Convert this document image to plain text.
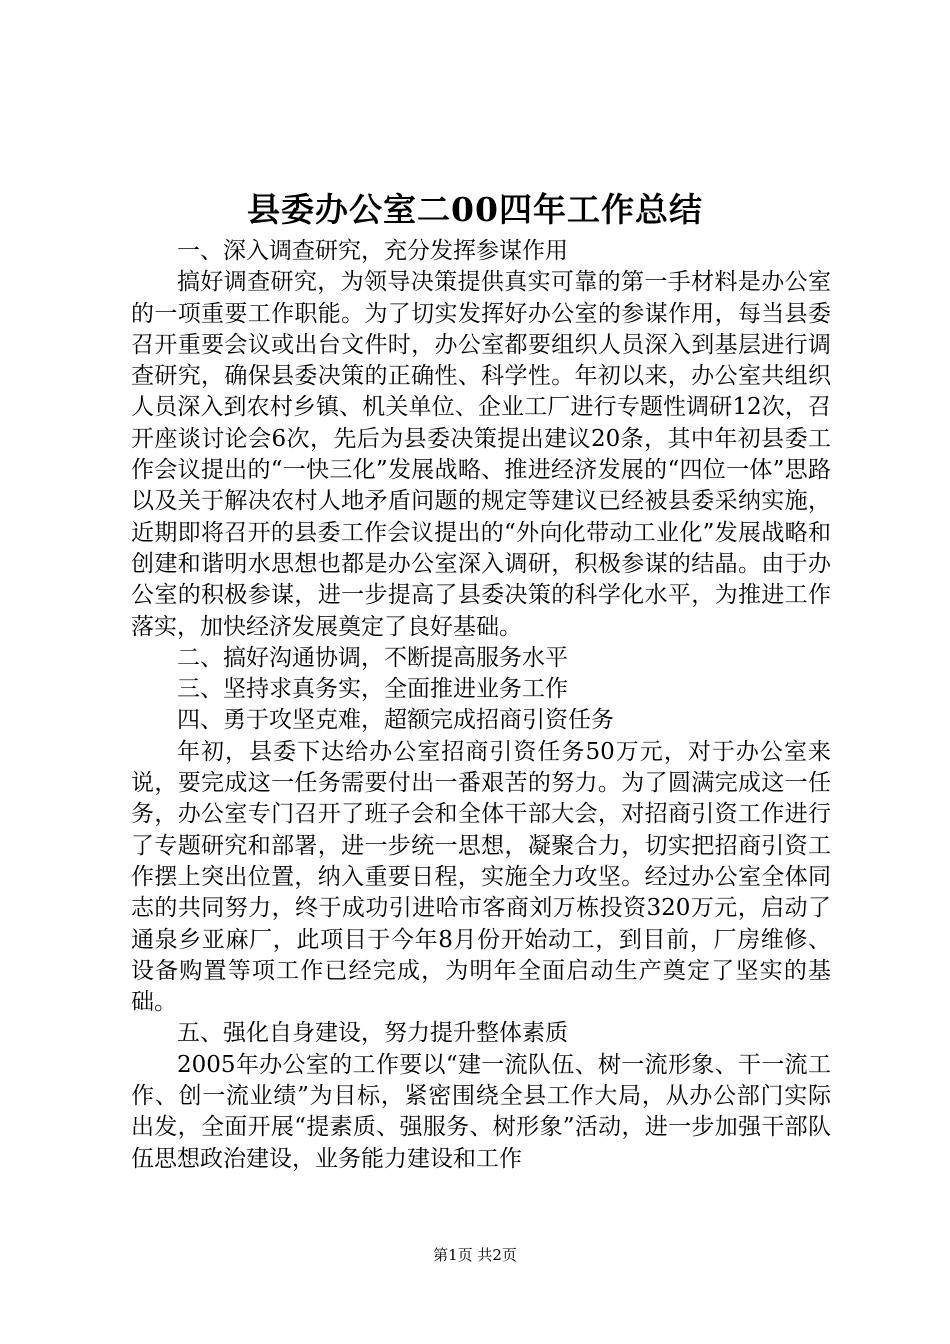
县委办公室二00四年工作总结

一、深入调查研究，充分发挥参谋作用

搞好调查研究，为领导决策提供真实可靠的第一手材料是办公室的一项重要工作职能。为了切实发挥好办公室的参谋作用，每当县委召开重要会议或出台文件时，办公室都要组织人员深入到基层进行调查研究，确保县委决策的正确性、科学性。年初以来，办公室共组织人员深入到农村乡镇、机关单位、企业工厂进行专题性调研12次，召开座谈讨论会6次，先后为县委决策提出建议20条，其中年初县委工作会议提出的“一快三化”发展战略、推进经济发展的“四位一体”思路以及关于解决农村人地矛盾问题的规定等建议已经被县委采纳实施，近期即将召开的县委工作会议提出的“外向化带动工业化”发展战略和创建和谐明水思想也都是办公室深入调研，积极参谋的结晶。由于办公室的积极参谋，进一步提高了县委决策的科学化水平，为推进工作落实，加快经济发展奠定了良好基础。

二、搞好沟通协调，不断提高服务水平

三、坚持求真务实，全面推进业务工作

四、勇于攻坚克难，超额完成招商引资任务

年初，县委下达给办公室招商引资任务50万元，对于办公室来说，要完成这一任务需要付出一番艰苦的努力。为了圆满完成这一任务，办公室专门召开了班子会和全体干部大会，对招商引资工作进行了专题研究和部署，进一步统一思想，凝聚合力，切实把招商引资工作摆上突出位置，纳入重要日程，实施全力攻坚。经过办公室全体同志的共同努力，终于成功引进哈市客商刘万栋投资320万元，启动了通泉乡亚麻厂，此项目于今年8月份开始动工，到目前，厂房维修、设备购置等项工作已经完成，为明年全面启动生产奠定了坚实的基础。

五、强化自身建设，努力提升整体素质

2005年办公室的工作要以“建一流队伍、树一流形象、干一流工作、创一流业绩”为目标，紧密围绕全县工作大局，从办公部门实际出发，全面开展“提素质、强服务、树形象”活动，进一步加强干部队伍思想政治建设，业务能力建设和工作

第1页 共2页
